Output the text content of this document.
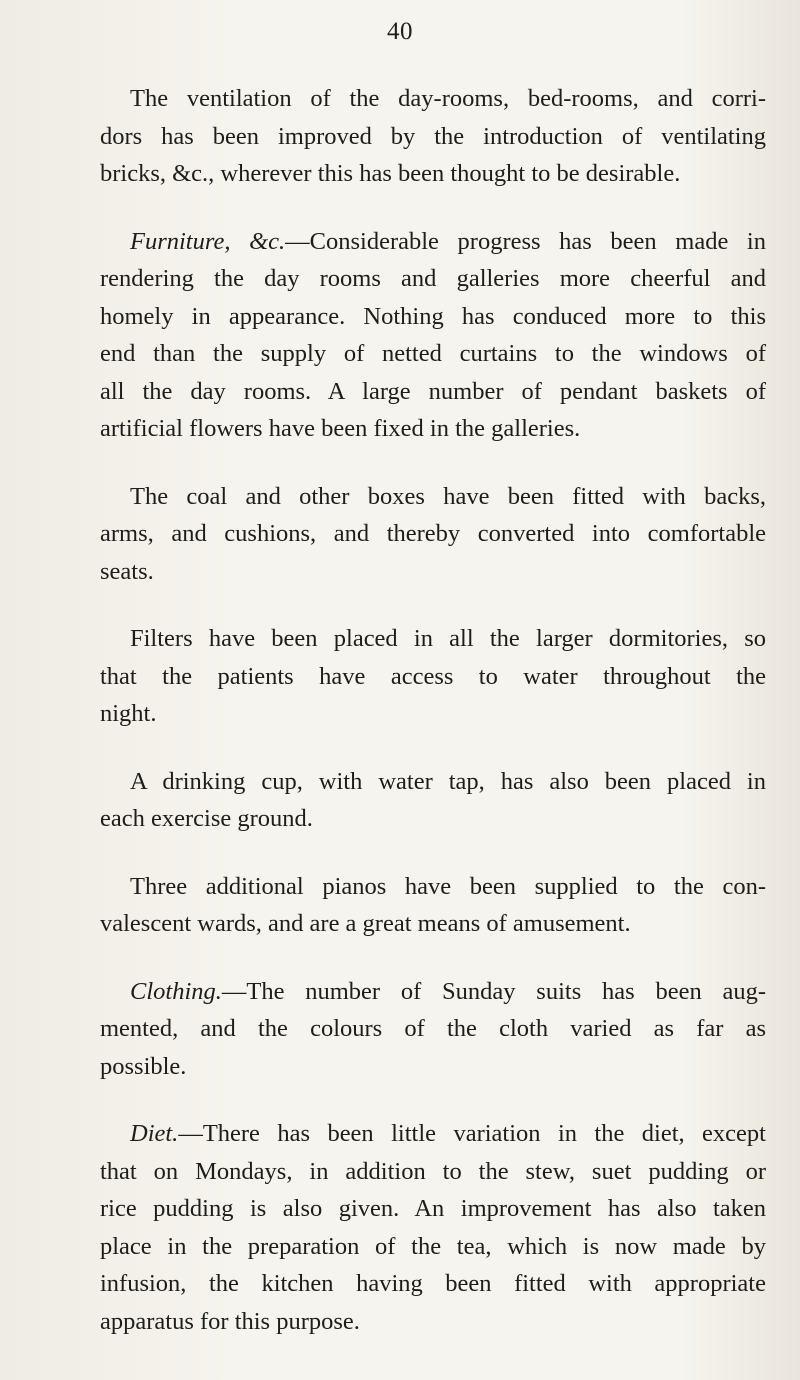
40
The ventilation of the day-rooms, bed-rooms, and corri-
dors has been improved by the introduction of ventilating
bricks, &c., wherever this has been thought to be desirable.
Furniture, &c.—Considerable progress has been made in
rendering the day rooms and galleries more cheerful and
homely in appearance. Nothing has conduced more to this
end than the supply of netted curtains to the windows of
all the day rooms. A large number of pendant baskets of
artificial flowers have been fixed in the galleries.
The coal and other boxes have been fitted with backs,
arms, and cushions, and thereby converted into comfortable
seats.
Filters have been placed in all the larger dormitories, so
that the patients have access to water throughout the
night.
A drinking cup, with water tap, has also been placed in
each exercise ground.
Three additional pianos have been supplied to the con-
valescent wards, and are a great means of amusement.
Clothing.—The number of Sunday suits has been aug-
mented, and the colours of the cloth varied as far as
possible.
Diet.—There has been little variation in the diet, except
that on Mondays, in addition to the stew, suet pudding or
rice pudding is also given. An improvement has also taken
place in the preparation of the tea, which is now made by
infusion, the kitchen having been fitted with appropriate
apparatus for this purpose.
